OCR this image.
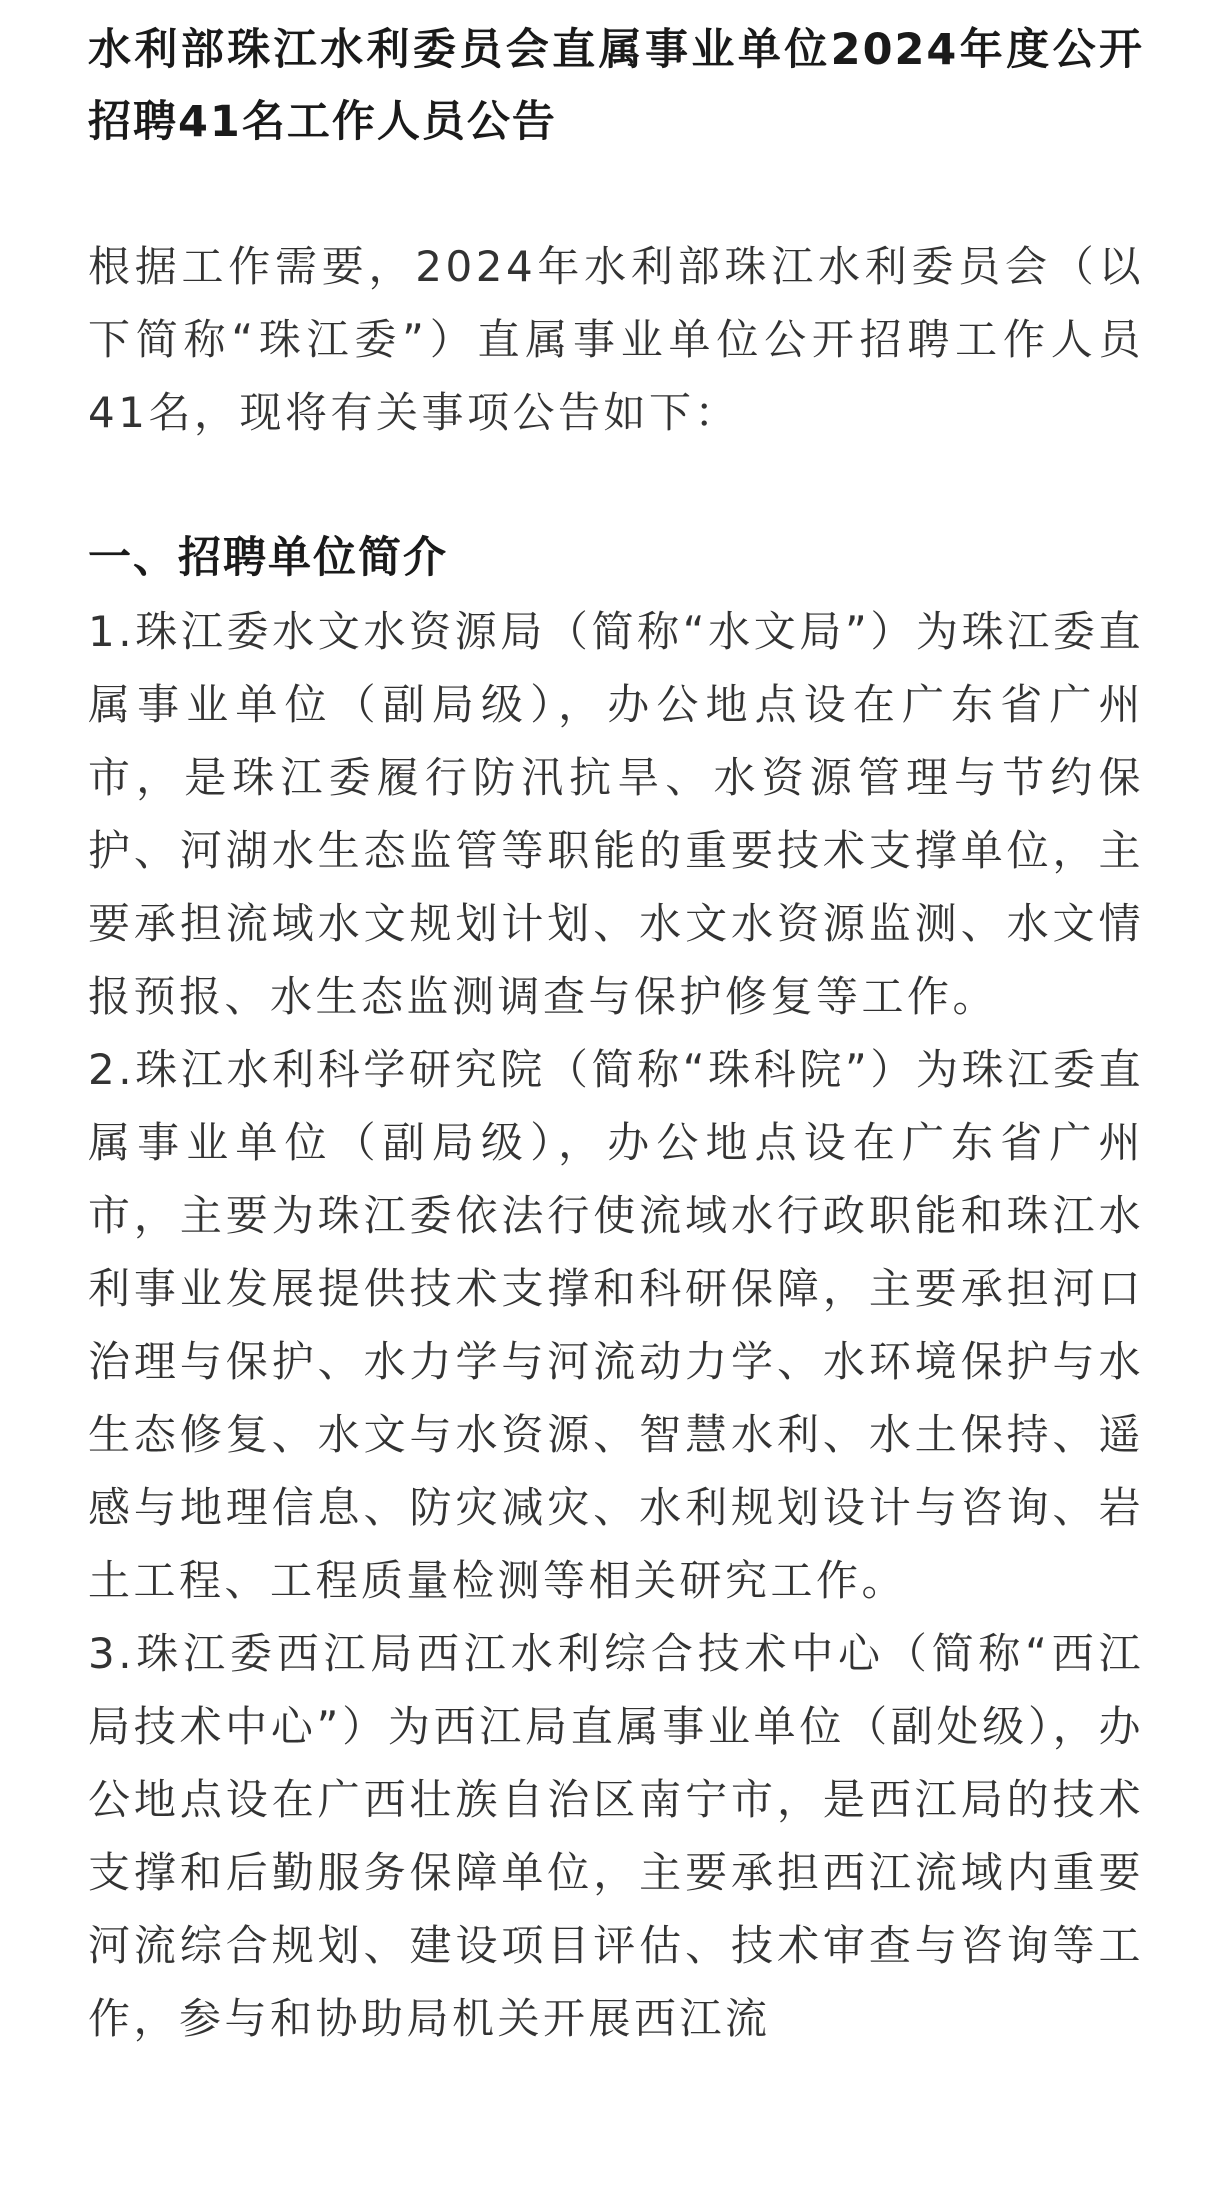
水利部珠江水利委员会直属事业单位2024年度公开招聘41名工作人员公告

根据工作需要，2024年水利部珠江水利委员会（以下简称“珠江委”）直属事业单位公开招聘工作人员41名，现将有关事项公告如下：

一、招聘单位简介

1.珠江委水文水资源局（简称“水文局”）为珠江委直属事业单位（副局级），办公地点设在广东省广州市，是珠江委履行防汛抗旱、水资源管理与节约保护、河湖水生态监管等职能的重要技术支撑单位，主要承担流域水文规划计划、水文水资源监测、水文情报预报、水生态监测调查与保护修复等工作。

2.珠江水利科学研究院（简称“珠科院”）为珠江委直属事业单位（副局级），办公地点设在广东省广州市，主要为珠江委依法行使流域水行政职能和珠江水利事业发展提供技术支撑和科研保障，主要承担河口治理与保护、水力学与河流动力学、水环境保护与水生态修复、水文与水资源、智慧水利、水土保持、遥感与地理信息、防灾减灾、水利规划设计与咨询、岩土工程、工程质量检测等相关研究工作。

3.珠江委西江局西江水利综合技术中心（简称“西江局技术中心”）为西江局直属事业单位（副处级），办公地点设在广西壮族自治区南宁市，是西江局的技术支撑和后勤服务保障单位，主要承担西江流域内重要河流综合规划、建设项目评估、技术审查与咨询等工作，参与和协助局机关开展西江流
